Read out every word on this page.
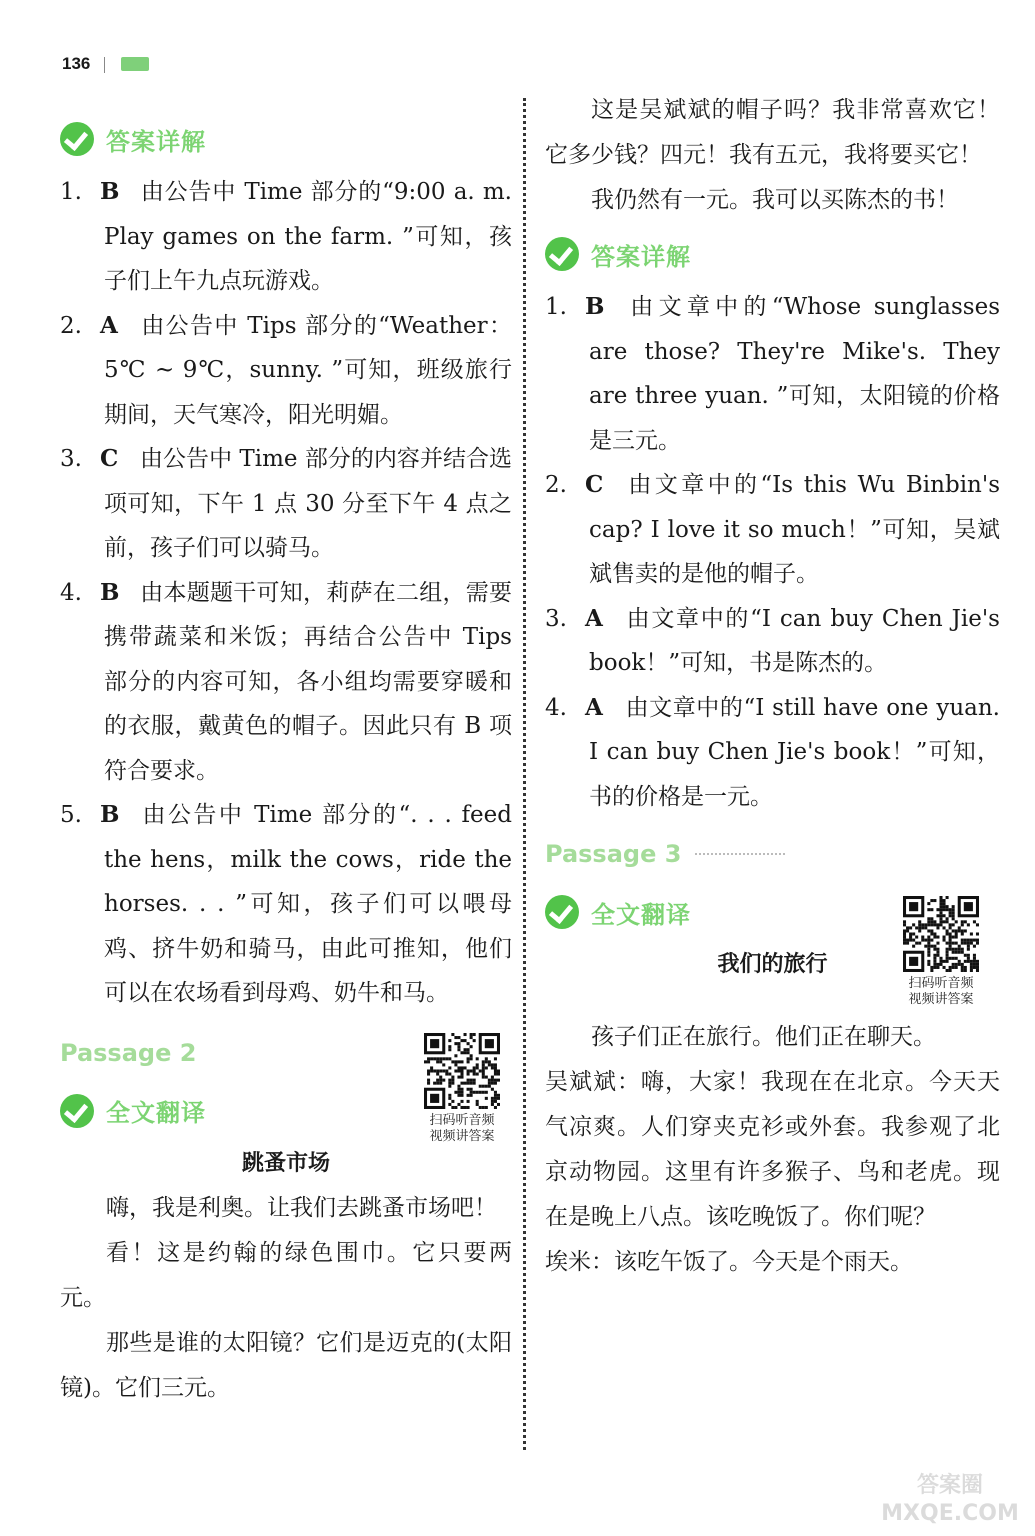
136
答案详解
1. B 由公告中 Time 部分的“9:00 a. m. Play games on the farm. ”可知，孩子们上午九点玩游戏。
2. A 由公告中 Tips 部分的“Weather：5℃ ~ 9℃，sunny. ”可知，班级旅行期间，天气寒冷，阳光明媚。
3. C 由公告中 Time 部分的内容并结合选项可知，下午 1 点 30 分至下午 4 点之前，孩子们可以骑马。
4. B 由本题题干可知，莉萨在二组，需要携带蔬菜和米饭；再结合公告中 Tips 部分的内容可知，各小组均需要穿暖和的衣服，戴黄色的帽子。因此只有 B 项符合要求。
5. B 由公告中 Time 部分的“. . . feed the hens，milk the cows，ride the horses. . . ”可知，孩子们可以喂母鸡、挤牛奶和骑马，由此可推知，他们可以在农场看到母鸡、奶牛和马。
Passage 2
全文翻译
跳蚤市场
嗨，我是利奥。让我们去跳蚤市场吧！
看！这是约翰的绿色围巾。它只要两元。
那些是谁的太阳镜？它们是迈克的(太阳镜)。它们三元。
扫码听音频
视频讲答案
这是吴斌斌的帽子吗？我非常喜欢它！它多少钱？四元！我有五元，我将要买它！
我仍然有一元。我可以买陈杰的书！
答案详解
1. B 由文章中的“Whose sunglasses are those? They're Mike's. They are three yuan. ”可知，太阳镜的价格是三元。
2. C 由文章中的“Is this Wu Binbin's cap? I love it so much！”可知，吴斌斌售卖的是他的帽子。
3. A 由文章中的“I can buy Chen Jie's book！”可知，书是陈杰的。
4. A 由文章中的“I still have one yuan. I can buy Chen Jie's book！”可知，书的价格是一元。
Passage 3
全文翻译
我们的旅行
孩子们正在旅行。他们正在聊天。
吴斌斌：嗨，大家！我现在在北京。今天天气凉爽。人们穿夹克衫或外套。我参观了北京动物园。这里有许多猴子、鸟和老虎。现在是晚上八点。该吃晚饭了。你们呢？
埃米：该吃午饭了。今天是个雨天。
扫码听音频
视频讲答案
答案圈
MXQE.COM
